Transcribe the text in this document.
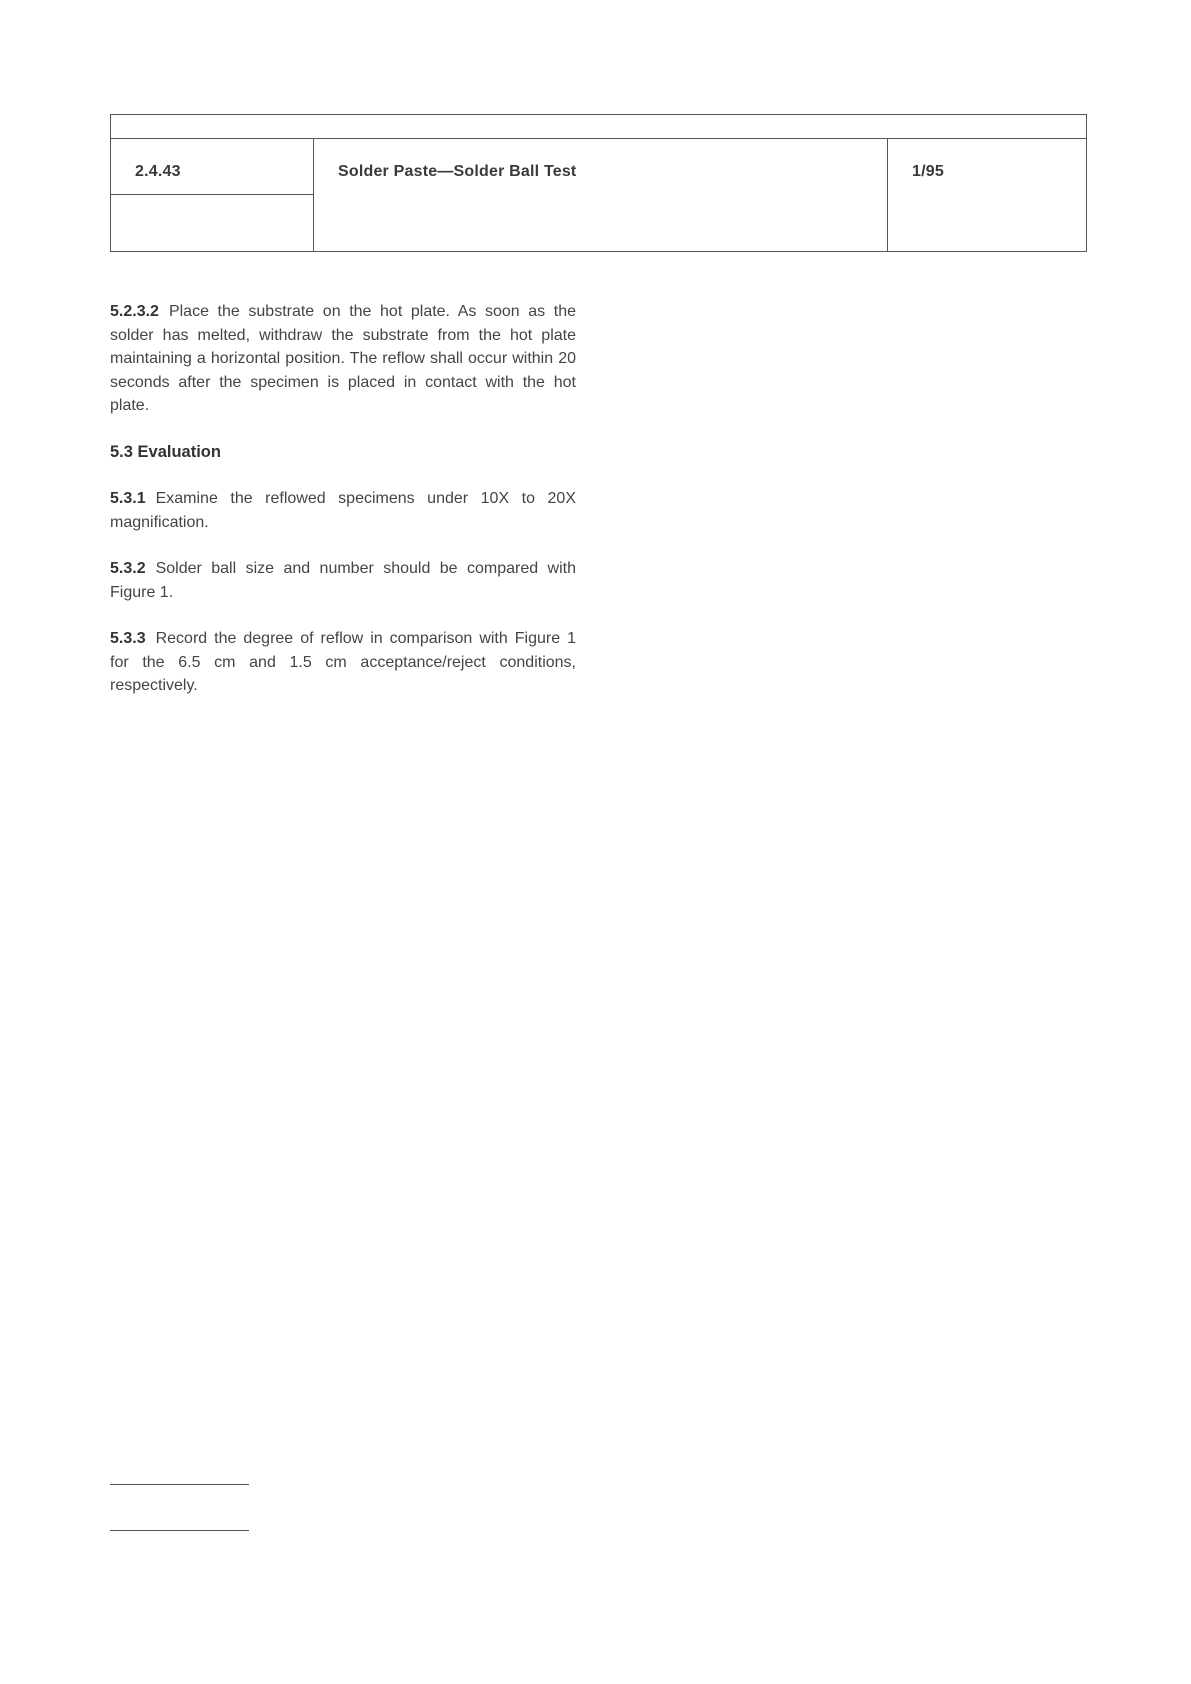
2.4.43	Solder Paste—Solder Ball Test	1/95

5.2.3.2 Place the substrate on the hot plate. As soon as the solder has melted, withdraw the substrate from the hot plate maintaining a horizontal position. The reflow shall occur within 20 seconds after the specimen is placed in contact with the hot plate.

5.3 Evaluation

5.3.1 Examine the reflowed specimens under 10X to 20X magnification.

5.3.2 Solder ball size and number should be compared with Figure 1.

5.3.3 Record the degree of reflow in comparison with Figure 1 for the 6.5 cm and 1.5 cm acceptance/reject conditions, respectively.
